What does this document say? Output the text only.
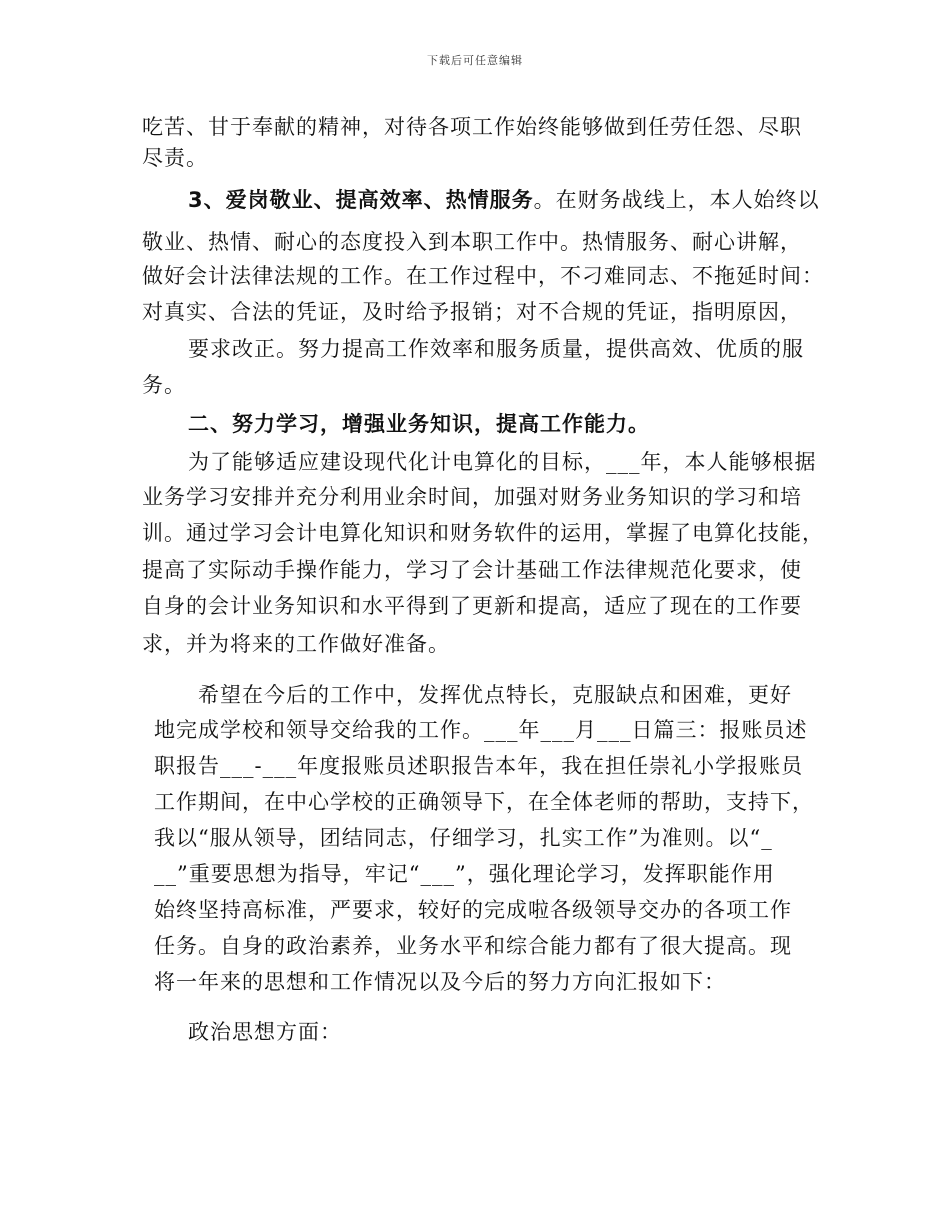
下载后可任意编辑
吃苦、甘于奉献的精神，对待各项工作始终能够做到任劳任怨、尽职
尽责。
3、爱岗敬业、提高效率、热情服务。在财务战线上，本人始终以
敬业、热情、耐心的态度投入到本职工作中。热情服务、耐心讲解，
做好会计法律法规的工作。在工作过程中，不刁难同志、不拖延时间：
对真实、合法的凭证，及时给予报销；对不合规的凭证，指明原因，
要求改正。努力提高工作效率和服务质量，提供高效、优质的服
务。
二、努力学习，增强业务知识，提高工作能力。
为了能够适应建设现代化计电算化的目标，___年，本人能够根据
业务学习安排并充分利用业余时间，加强对财务业务知识的学习和培
训。通过学习会计电算化知识和财务软件的运用，掌握了电算化技能，
提高了实际动手操作能力，学习了会计基础工作法律规范化要求，使
自身的会计业务知识和水平得到了更新和提高，适应了现在的工作要
求，并为将来的工作做好准备。
希望在今后的工作中，发挥优点特长，克服缺点和困难，更好
地完成学校和领导交给我的工作。___年___月___日篇三：报账员述
职报告___-___年度报账员述职报告本年，我在担任崇礼小学报账员
工作期间，在中心学校的正确领导下，在全体老师的帮助，支持下，
我以“服从领导，团结同志，仔细学习，扎实工作”为准则。以“_
__”重要思想为指导，牢记“___”，强化理论学习，发挥职能作用
始终坚持高标准，严要求，较好的完成啦各级领导交办的各项工作
任务。自身的政治素养，业务水平和综合能力都有了很大提高。现
将一年来的思想和工作情况以及今后的努力方向汇报如下：
政治思想方面：
